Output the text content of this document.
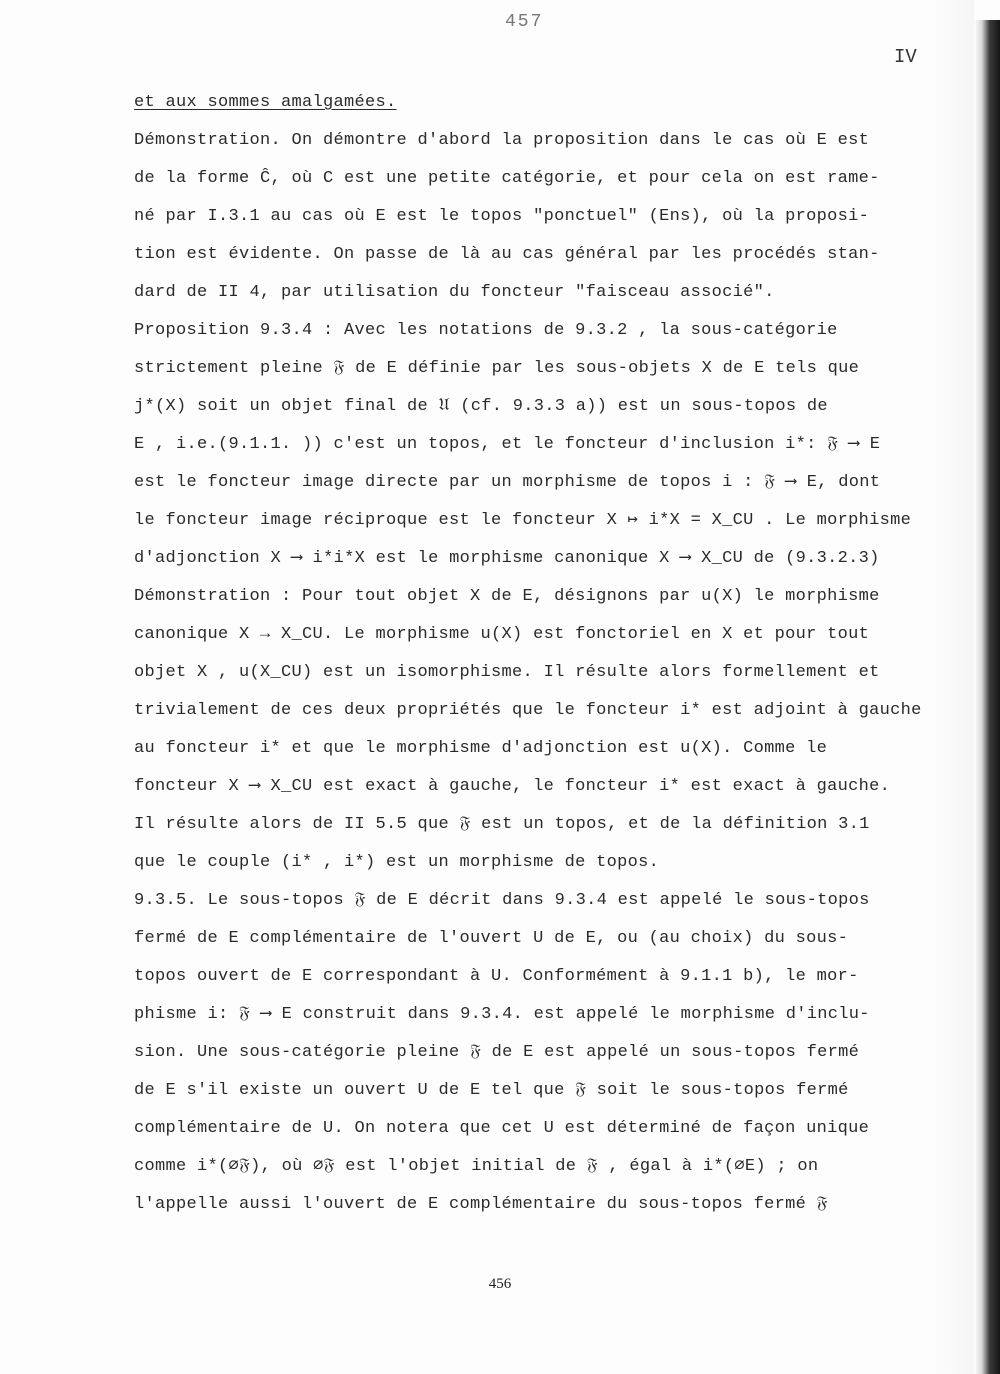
457
IV
et aux sommes amalgamées.
Démonstration. On démontre d'abord la proposition dans le cas où E est
de la forme Ĉ, où C est une petite catégorie, et pour cela on est rame-
né par I.3.1 au cas où E est le topos "ponctuel" (Ens), où la proposi-
tion est évidente. On passe de là au cas général par les procédés stan-
dard de II 4, par utilisation du foncteur "faisceau associé".
Proposition 9.3.4 : Avec les notations de 9.3.2 , la sous-catégorie
strictement pleine 𝔉 de E définie par les sous-objets X de E tels que
j*(X) soit un objet final de 𝔘 (cf. 9.3.3 a)) est un sous-topos de
E , i.e.(9.1.1. )) c'est un topos, et le foncteur d'inclusion i*: 𝔉 ⟶ E
est le foncteur image directe par un morphisme de topos i : 𝔉 ⟶ E, dont
le foncteur image réciproque est le foncteur X ↦ i*X = X_CU . Le morphisme
d'adjonction X ⟶ i*i*X est le morphisme canonique X ⟶ X_CU de (9.3.2.3)
Démonstration : Pour tout objet X de E, désignons par u(X) le morphisme
canonique X → X_CU. Le morphisme u(X) est fonctoriel en X et pour tout
objet X , u(X_CU) est un isomorphisme. Il résulte alors formellement et
trivialement de ces deux propriétés que le foncteur i* est adjoint à gauche
au foncteur i* et que le morphisme d'adjonction est u(X). Comme le
foncteur X ⟶ X_CU est exact à gauche, le foncteur i* est exact à gauche.
Il résulte alors de II 5.5 que 𝔉 est un topos, et de la définition 3.1
que le couple (i* , i*) est un morphisme de topos.
9.3.5. Le sous-topos 𝔉 de E décrit dans 9.3.4 est appelé le sous-topos
fermé de E complémentaire de l'ouvert U de E, ou (au choix) du sous-
topos ouvert de E correspondant à U. Conformément à 9.1.1 b), le mor-
phisme i: 𝔉 ⟶ E construit dans 9.3.4. est appelé le morphisme d'inclu-
sion. Une sous-catégorie pleine 𝔉 de E est appelé un sous-topos fermé
de E s'il existe un ouvert U de E tel que 𝔉 soit le sous-topos fermé
complémentaire de U. On notera que cet U est déterminé de façon unique
comme i*(∅𝔉), où ∅𝔉 est l'objet initial de 𝔉 , égal à i*(∅E) ; on
l'appelle aussi l'ouvert de E complémentaire du sous-topos fermé 𝔉
456
